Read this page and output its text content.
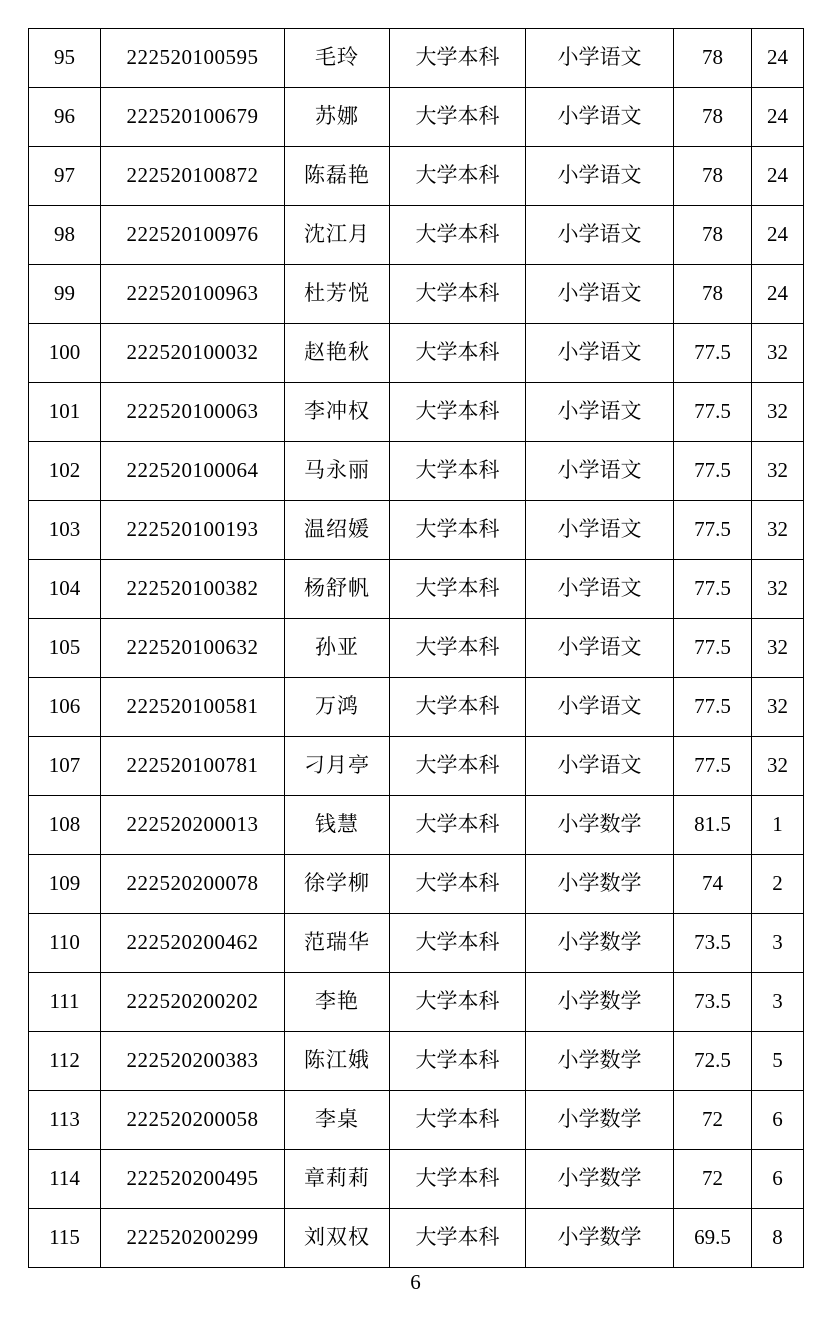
95	222520100595	毛玲	大学本科	小学语文	78	24
96	222520100679	苏娜	大学本科	小学语文	78	24
97	222520100872	陈磊艳	大学本科	小学语文	78	24
98	222520100976	沈江月	大学本科	小学语文	78	24
99	222520100963	杜芳悦	大学本科	小学语文	78	24
100	222520100032	赵艳秋	大学本科	小学语文	77.5	32
101	222520100063	李冲权	大学本科	小学语文	77.5	32
102	222520100064	马永丽	大学本科	小学语文	77.5	32
103	222520100193	温绍媛	大学本科	小学语文	77.5	32
104	222520100382	杨舒帆	大学本科	小学语文	77.5	32
105	222520100632	孙亚	大学本科	小学语文	77.5	32
106	222520100581	万鸿	大学本科	小学语文	77.5	32
107	222520100781	刁月亭	大学本科	小学语文	77.5	32
108	222520200013	钱慧	大学本科	小学数学	81.5	1
109	222520200078	徐学柳	大学本科	小学数学	74	2
110	222520200462	范瑞华	大学本科	小学数学	73.5	3
111	222520200202	李艳	大学本科	小学数学	73.5	3
112	222520200383	陈江娥	大学本科	小学数学	72.5	5
113	222520200058	李桌	大学本科	小学数学	72	6
114	222520200495	章莉莉	大学本科	小学数学	72	6
115	222520200299	刘双权	大学本科	小学数学	69.5	8
6
